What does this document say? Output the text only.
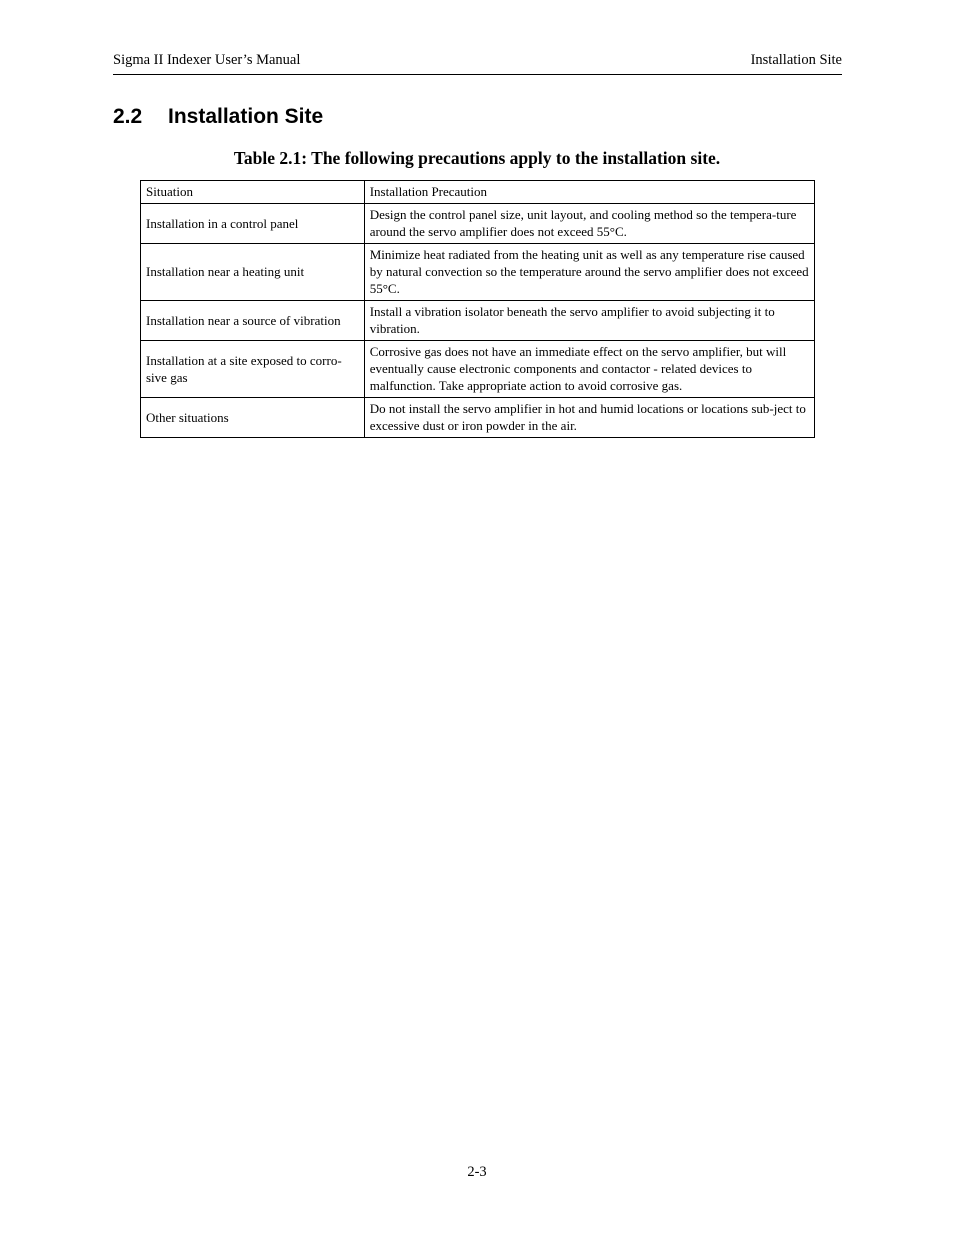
Sigma II Indexer User’s Manual	Installation Site
2.2 Installation Site
Table 2.1: The following precautions apply to the installation site.
Situation	Installation Precaution
Installation in a control panel	Design the control panel size, unit layout, and cooling method so the tempera-ture around the servo amplifier does not exceed 55°C.
Installation near a heating unit	Minimize heat radiated from the heating unit as well as any temperature rise caused by natural convection so the temperature around the servo amplifier does not exceed 55°C.
Installation near a source of vibration	Install a vibration isolator beneath the servo amplifier to avoid subjecting it to vibration.
Installation at a site exposed to corro-sive gas	Corrosive gas does not have an immediate effect on the servo amplifier, but will eventually cause electronic components and contactor - related devices to malfunction. Take appropriate action to avoid corrosive gas.
Other situations	Do not install the servo amplifier in hot and humid locations or locations sub-ject to excessive dust or iron powder in the air.
2-3
